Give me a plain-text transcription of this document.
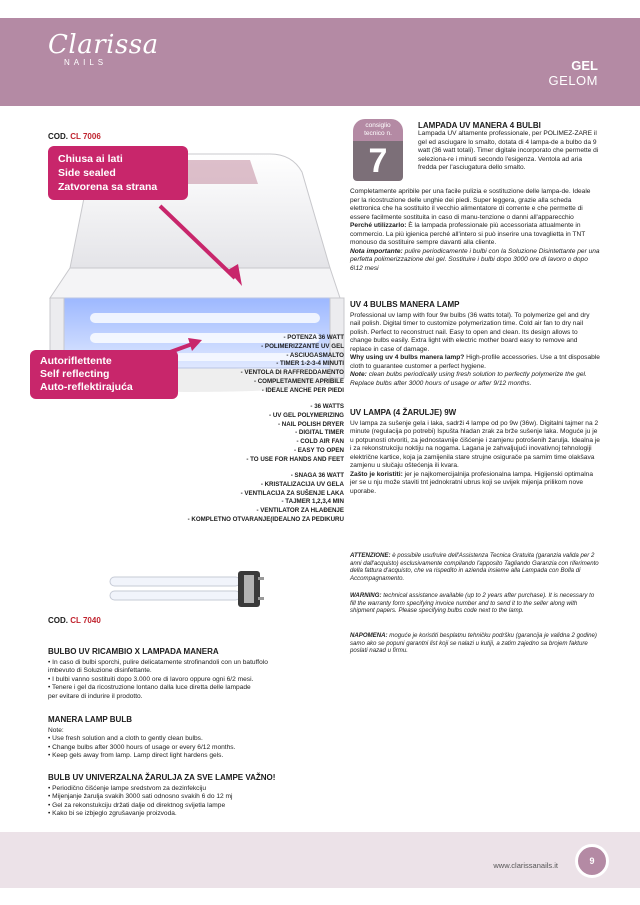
Clarissa
NAILS	GEL
GELOM
COD. CL 7006
Chiusa ai lati
Side sealed
Zatvorena sa strana
Autoriflettente
Self reflecting
Auto-reflektirajuća
- POTENZA 36 WATT
- POLIMERIZZANTE UV GEL
- ASCIUGASMALTO
- TIMER 1-2-3-4 MINUTI
- VENTOLA DI RAFFREDDAMENTO
- COMPLETAMENTE APRIBILE
- IDEALE ANCHE PER PIEDI
- 36 WATTS
- UV GEL POLYMERIZING
- NAIL POLISH DRYER
- DIGITAL TIMER
- COLD AIR FAN
- EASY TO OPEN
- TO USE FOR HANDS AND FEET
- SNAGA 36 WATT
- KRISTALIZACIJA UV GELA
- VENTILACIJA ZA SUŠENJE LAKA
- TAJMER 1,2,3,4 MIN
- VENTILATOR ZA HLAĐENJE
- KOMPLETNO OTVARANJE(IDEALNO ZA PEDIKURU
consiglio
tecnico n.
7
LAMPADA UV MANERA 4 BULBI
Lampada UV altamente professionale, per POLIMEZ-ZARE il gel ed asciugare lo smalto, dotata di 4 lampa-de a bulbo da 9 watt (36 watt totali). Timer digitale incorporato che permette di seleziona-re i minuti secondo l'esigenza. Ventola ad aria fredda per l'asciugatura dello smalto.

Completamente apribile per una facile pulizia e sostituzione delle lampa-de. Ideale per la ricostruzione delle unghie dei piedi. Super leggera, grazie alla scheda elettronica che ha sostituito il vecchio alimentatore di corrente e che permette di essere facilmente sostituita in caso di manu-tenzione o danni all'apparecchio

Perché utilizzarlo: È la lampada professionale più accessoriata attualmente in commercio. La più igienica perché all'intero si può inserire una tovaglietta in TNT monouso da sostituire sempre davanti alla cliente.

Nota importante: pulire periodicamente i bulbi con la Soluzione Disintettante per una perfetta polimerizzazione dei gel. Sostituire i bulbi dopo 3000 ore di lavoro o dopo 6\12 mesi

UV 4 BULBS MANERA LAMP

Professional uv lamp with four 9w bulbs (36 watts total). To polymerize gel and dry nail polish. Digital timer to customize polymerization time. Cold air fan to dry nail polish. Perfect to reconstruct nail. Easy to open and clean. Its design allows to change bulbs easily. Extra light with electric mother board easy to remove and replace in case of damage.

Why using uv 4 bulbs manera lamp? High-profile accessories. Use a tnt disposable cloth to guarantee customer a perfect hygiene.

Note: clean bulbs periodically using fresh solution to perfectly polymerize the gel. Replace bulbs after 3000 hours of usage or after 9/12 months.

UV LAMPA (4 ŽARULJE) 9W

Uv lampa za sušenje gela i laka, sadrži 4 lampe od po 9w (36w). Digitalni tajmer na 2 minute (regulacija po potrebi) Ispušta hladan zrak za brže sušenje laka. Moguće ju je u potpunosti otvoriti, za jednostavnije čišćenje i zamjenu potrošenih žarulja. Idealna je i za rekonstrukciju noktiju na nogama. Lagana je zahvaljujući inovativnoj tehnologiji električne kartice, koja ja zamijenila stare strujne osigurače pa samim time olakšava zamjenu u slučaju oštećenja ili kvara.

Zašto je koristiti: jer je najkomercijalnija profesionalna lampa. Higijenski optimalna jer se u nju može staviti tnt jednokratni ubrus koji se uvijek mijenja prilikom nove uporabe.

ATTENZIONE: è possibile usufruire dell'Assistenza Tecnica Gratuita (garanzia valida per 2 anni dall'acquisto) esclusivamente compilando l'apposito Tagliando Garanzia con riferimento della fattura d'acquisto, che va rispedito in azienda insieme alla Lampada con Bolla di Accompagnamento.
WARNING: technical assistance available (up to 2 years after purchase). It is necessary to fill the warranty form specifying invoice number and to send it to the seller along with shipment papers. Please specifying bulbs code next to the lamp.
NAPOMENA: moguće je koristiti besplatnu tehničku podršku (garancija je validna 2 godine) samo ako se popuni garantni list koji se nalazi u kutiji, a zatim zajedno sa brojem fakture poslati nazad u firmu.
COD. CL 7040
BULBO UV RICAMBIO X LAMPADA MANERA
• In caso di bulbi sporchi, pulire delicatamente strofinandoli con un batuffolo
imbevuto di Soluzione disinfettante.
• I bulbi vanno sostituiti dopo 3.000 ore di lavoro oppure ogni 6/2 mesi.
• Tenere i gel da ricostruzione lontano dalla luce diretta delle lampade
per evitare di indurire il prodotto.
MANERA LAMP BULB
Note:
• Use fresh solution and a cloth to gently clean bulbs.
• Change bulbs after 3000 hours of usage or every 6/12 months.
• Keep gels away from lamp. Lamp direct light hardens gels.
BULB UV UNIVERZALNA ŽARULJA ZA SVE LAMPE VAŽNO!
• Periodično čišćenje lampe sredstvom za dezinfekciju
• Mijenjanje žarulja svakih 3000 sati odnosno svakih 6 do 12 mj
• Gel za rekonstukciju držati dalje od direktnog svijetla lampe
• Kako bi se izbjeglo zgrušavanje proizvoda.
www.clarissanails.it	9
